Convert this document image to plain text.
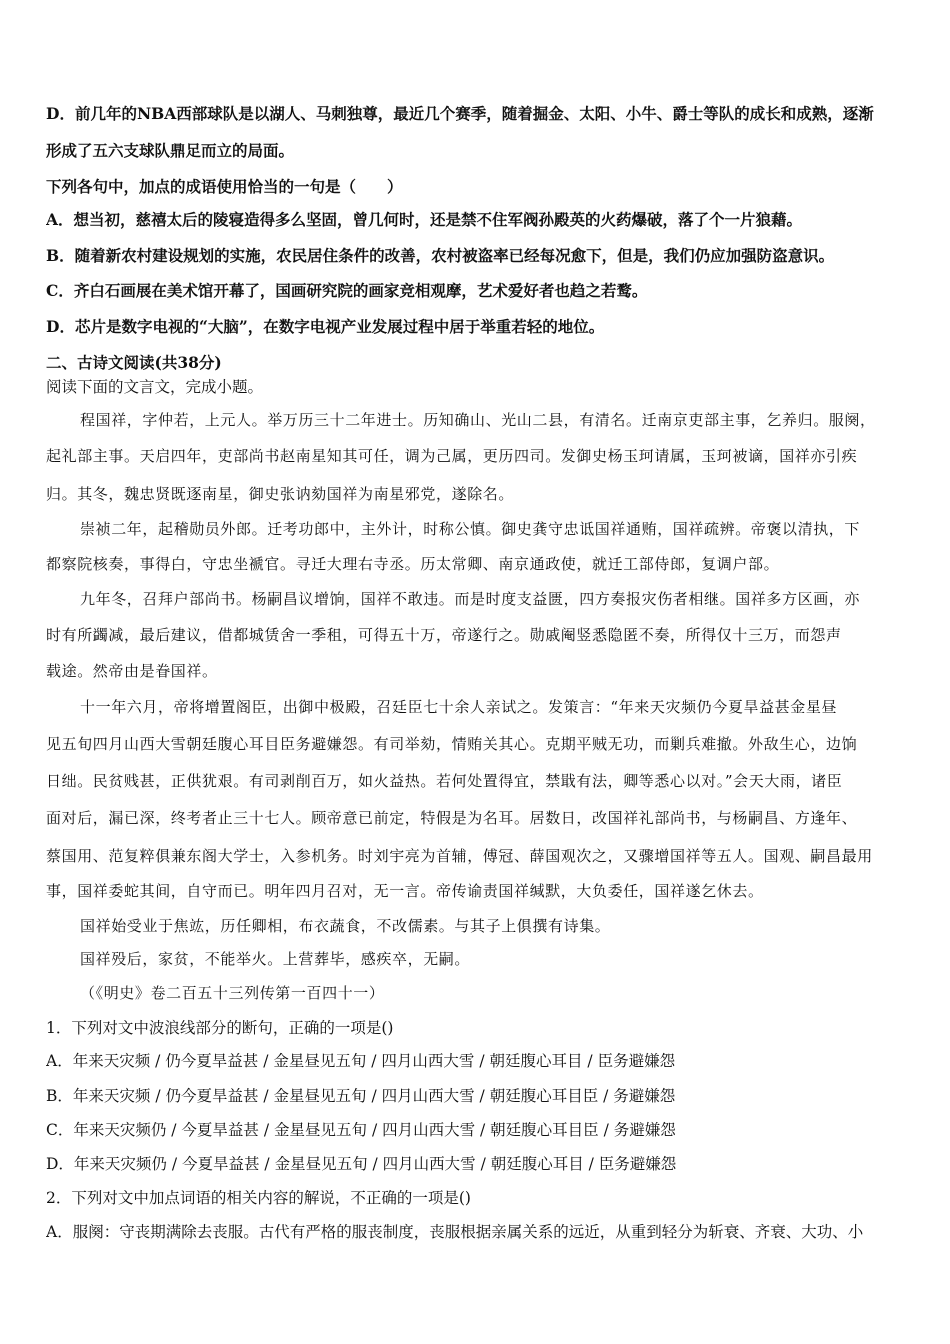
D．前几年的NBA西部球队是以湖人、马刺独尊，最近几个赛季，随着掘金、太阳、小牛、爵士等队的成长和成熟，逐渐
形成了五六支球队鼎足而立的局面。
下列各句中，加点的成语使用恰当的一句是（　　）
A．想当初，慈禧太后的陵寝造得多么坚固，曾几何时，还是禁不住军阀孙殿英的火药爆破，落了个一片狼藉。
B．随着新农村建设规划的实施，农民居住条件的改善，农村被盗率已经每况愈下，但是，我们仍应加强防盗意识。
C．齐白石画展在美术馆开幕了，国画研究院的画家竞相观摩，艺术爱好者也趋之若鹜。
D．芯片是数字电视的“大脑”，在数字电视产业发展过程中居于举重若轻的地位。
二、古诗文阅读(共38分)
阅读下面的文言文，完成小题。
程国祥，字仲若，上元人。举万历三十二年进士。历知确山、光山二县，有清名。迁南京吏部主事，乞养归。服阕，
起礼部主事。天启四年，吏部尚书赵南星知其可任，调为己属，更历四司。发御史杨玉珂请属，玉珂被谪，国祥亦引疾
归。其冬，魏忠贤既逐南星，御史张讷劾国祥为南星邪党，遂除名。
崇祯二年，起稽勋员外郎。迁考功郎中，主外计，时称公慎。御史龚守忠诋国祥通贿，国祥疏辨。帝褒以清执，下
都察院核奏，事得白，守忠坐褫官。寻迁大理右寺丞。历太常卿、南京通政使，就迁工部侍郎，复调户部。
九年冬，召拜户部尚书。杨嗣昌议增饷，国祥不敢违。而是时度支益匮，四方奏报灾伤者相继。国祥多方区画，亦
时有所蠲减，最后建议，借都城赁舍一季租，可得五十万，帝遂行之。勋戚阉竖悉隐匿不奏，所得仅十三万，而怨声
载途。然帝由是眷国祥。
十一年六月，帝将增置阁臣，出御中极殿，召廷臣七十余人亲试之。发策言：“年来天灾频仍今夏旱益甚金星昼
见五旬四月山西大雪朝廷腹心耳目臣务避嫌怨。有司举劾，情贿关其心。克期平贼无功，而剿兵难撤。外敌生心，边饷
日绌。民贫贱甚，正供犹艰。有司剥削百万，如火益热。若何处置得宜，禁戢有法，卿等悉心以对。”会天大雨，诸臣
面对后，漏已深，终考者止三十七人。顾帝意已前定，特假是为名耳。居数日，改国祥礼部尚书，与杨嗣昌、方逢年、
蔡国用、范复粹俱兼东阁大学士，入参机务。时刘宇亮为首辅，傅冠、薛国观次之，又骤增国祥等五人。国观、嗣昌最用
事，国祥委蛇其间，自守而已。明年四月召对，无一言。帝传谕责国祥缄默，大负委任，国祥遂乞休去。
国祥始受业于焦竑，历任卿相，布衣蔬食，不改儒素。与其子上俱撰有诗集。
国祥殁后，家贫，不能举火。上营葬毕，感疾卒，无嗣。
（《明史》卷二百五十三列传第一百四十一）
1．下列对文中波浪线部分的断句，正确的一项是()
A．年来天灾频 / 仍今夏旱益甚 / 金星昼见五旬 / 四月山西大雪 / 朝廷腹心耳目 / 臣务避嫌怨
B．年来天灾频 / 仍今夏旱益甚 / 金星昼见五旬 / 四月山西大雪 / 朝廷腹心耳目臣 / 务避嫌怨
C．年来天灾频仍 / 今夏旱益甚 / 金星昼见五旬 / 四月山西大雪 / 朝廷腹心耳目臣 / 务避嫌怨
D．年来天灾频仍 / 今夏旱益甚 / 金星昼见五旬 / 四月山西大雪 / 朝廷腹心耳目 / 臣务避嫌怨
2．下列对文中加点词语的相关内容的解说，不正确的一项是()
A．服阕：守丧期满除去丧服。古代有严格的服丧制度，丧服根据亲属关系的远近，从重到轻分为斩衰、齐衰、大功、小
